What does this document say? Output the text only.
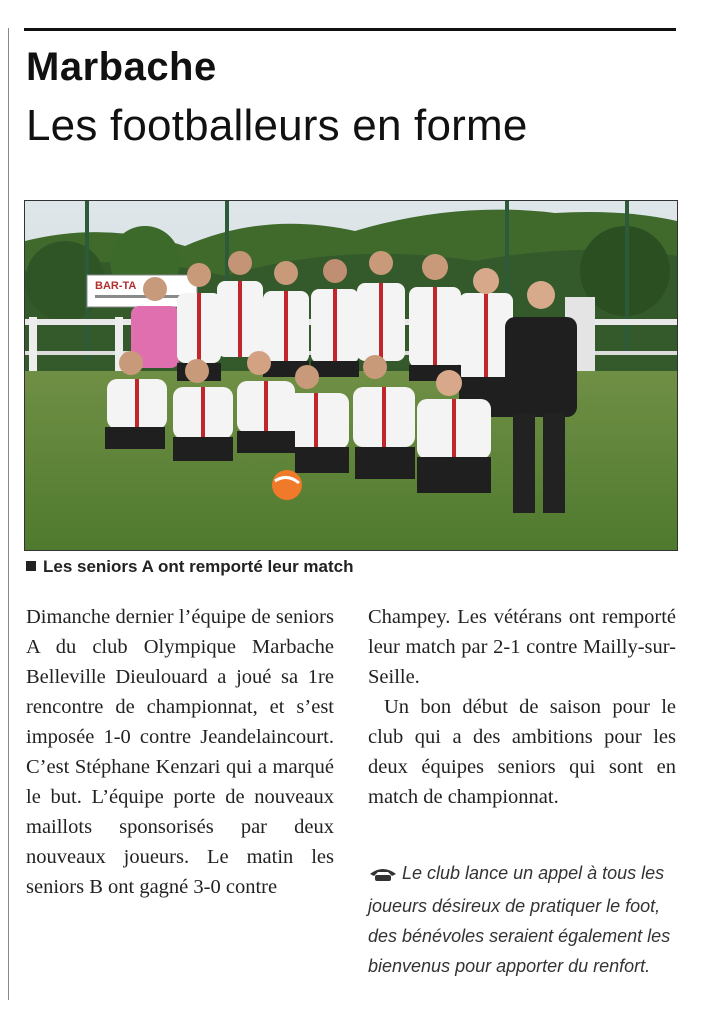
Marbache
Les footballeurs en forme
BAR-TA
Les seniors A ont remporté leur match

Dimanche dernier l’équipe de seniors A du club Olympique Marbache Belleville Dieulouard a joué sa 1re rencontre de championnat, et s’est imposée 1-0 contre Jeandelaincourt. C’est Stéphane Kenzari qui a marqué le but. L’équipe porte de nouveaux maillots sponsorisés par deux nouveaux joueurs. Le matin les seniors B ont gagné 3-0 contre

Champey. Les vétérans ont remporté leur match par 2-1 contre Mailly-sur-Seille.

Un bon début de saison pour le club qui a des ambitions pour les deux équipes seniors qui sont en match de championnat.

Le club lance un appel à tous les joueurs désireux de pratiquer le foot, des bénévoles seraient également les bienvenus pour apporter du renfort.
